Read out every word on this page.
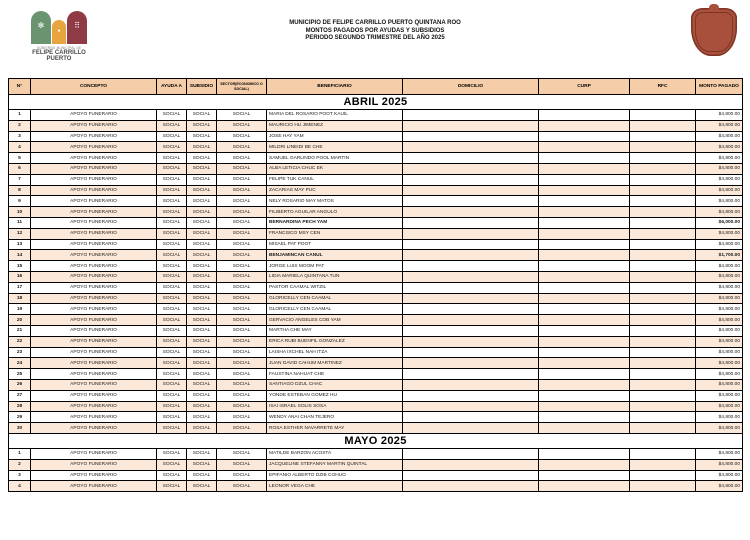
✻
●
⠿
GOBIERNO MUNICIPAL DE
FELIPE CARRILLO
PUERTO
MUNICIPIO DE FELIPE CARRILLO PUERTO QUINTANA ROO
MONTOS PAGADOS POR AYUDAS Y SUBSIDIOS
PERIODO SEGUNDO TRIMESTRE DEL AÑO 2025
N°	CONCEPTO	AYUDA A	SUBSIDIO	SECTOR(ECONOMICO O SOCIAL)	BENEFICIARIO	DOMICILIO	CURP	RFC	MONTO PAGADO
ABRIL 2025									
1	APOYO FUNERARIO	SOCIAL	SOCIAL	SOCIAL	MARIA DEL ROSARIO POOT KAUIL				$4,800.00
2	APOYO FUNERARIO	SOCIAL	SOCIAL	SOCIAL	MAURICIO HU JIMENEZ				$4,800.00
3	APOYO FUNERARIO	SOCIAL	SOCIAL	SOCIAL	JOSE HAY YAM				$4,800.00
4	APOYO FUNERARIO	SOCIAL	SOCIAL	SOCIAL	MILDRI LINEIDI BE CHE				$4,800.00
5	APOYO FUNERARIO	SOCIAL	SOCIAL	SOCIAL	SAMUEL GARLINDO POOL MARTIN				$4,800.00
6	APOYO FUNERARIO	SOCIAL	SOCIAL	SOCIAL	ALBA LETICIA CHUC EK				$4,800.00
7	APOYO FUNERARIO	SOCIAL	SOCIAL	SOCIAL	FELIPE TUK CANUL				$4,800.00
8	APOYO FUNERARIO	SOCIAL	SOCIAL	SOCIAL	ZACARIAS MAY PUC				$4,800.00
9	APOYO FUNERARIO	SOCIAL	SOCIAL	SOCIAL	NELY ROSARIO MAY MATOS				$4,800.00
10	APOYO FUNERARIO	SOCIAL	SOCIAL	SOCIAL	FILIBERTO AGUILAR ANGULO				$4,800.00
11	APOYO FUNERARIO	SOCIAL	SOCIAL	SOCIAL	BERNARDINA PECH YAM				$6,000.00
12	APOYO FUNERARIO	SOCIAL	SOCIAL	SOCIAL	FRANCISCO MSY CEN				$4,800.00
13	APOYO FUNERARIO	SOCIAL	SOCIAL	SOCIAL	MISAEL PAT POOT				$4,800.00
14	APOYO FUNERARIO	SOCIAL	SOCIAL	SOCIAL	BENJAMINCAN CANUL				$1,700.00
15	APOYO FUNERARIO	SOCIAL	SOCIAL	SOCIAL	JORGE LUIS MOOM PAT				$4,800.00
16	APOYO FUNERARIO	SOCIAL	SOCIAL	SOCIAL	LIDIA MARIELA QUINTANA TUN				$4,800.00
17	APOYO FUNERARIO	SOCIAL	SOCIAL	SOCIAL	PASTOR CAAMAL WITZIL				$4,800.00
18	APOYO FUNERARIO	SOCIAL	SOCIAL	SOCIAL	GLORICELLY CEN CAAMAL				$4,800.00
19	APOYO FUNERARIO	SOCIAL	SOCIAL	SOCIAL	GLORICELLY CEN CAAMAL				$4,800.00
20	APOYO FUNERARIO	SOCIAL	SOCIAL	SOCIAL	GERVACIO ANGELES COB YAM				$4,800.00
21	APOYO FUNERARIO	SOCIAL	SOCIAL	SOCIAL	MARTHA CHE MAY				$4,800.00
22	APOYO FUNERARIO	SOCIAL	SOCIAL	SOCIAL	ERICA RUBI BUENFIL GONZALEZ				$4,800.00
23	APOYO FUNERARIO	SOCIAL	SOCIAL	SOCIAL	LAISHA IXCHEL NAH ITZA				$4,800.00
24	APOYO FUNERARIO	SOCIAL	SOCIAL	SOCIAL	JUAN DAVID CAHUM MARTINEZ				$4,800.00
25	APOYO FUNERARIO	SOCIAL	SOCIAL	SOCIAL	FAUSTINA NAHUAT CHE				$4,800.00
26	APOYO FUNERARIO	SOCIAL	SOCIAL	SOCIAL	SANTIAGO DZUL CHAC				$4,800.00
27	APOYO FUNERARIO	SOCIAL	SOCIAL	SOCIAL	YONDE ESTEBAN GOMEZ HU				$4,800.00
28	APOYO FUNERARIO	SOCIAL	SOCIAL	SOCIAL	ISAI ISRAEL SOLIS SOSA				$4,800.00
29	APOYO FUNERARIO	SOCIAL	SOCIAL	SOCIAL	WENDY ANAI CHAN TEJERO				$4,800.00
30	APOYO FUNERARIO	SOCIAL	SOCIAL	SOCIAL	ROSA ESTHER NAVARRETE MAY				$4,800.00
MAYO 2025									
1	APOYO FUNERARIO	SOCIAL	SOCIAL	SOCIAL	MATILDE BARZON ACOSTA				$4,800.00
2	APOYO FUNERARIO	SOCIAL	SOCIAL	SOCIAL	JACQUELINE STEFANNY MARTIN QUINTAL				$4,800.00
3	APOYO FUNERARIO	SOCIAL	SOCIAL	SOCIAL	EPIFANIO ALBERTO DZIB COHUO				$4,800.00
4	APOYO FUNERARIO	SOCIAL	SOCIAL	SOCIAL	LEONOR VEGA CHE				$4,800.00
